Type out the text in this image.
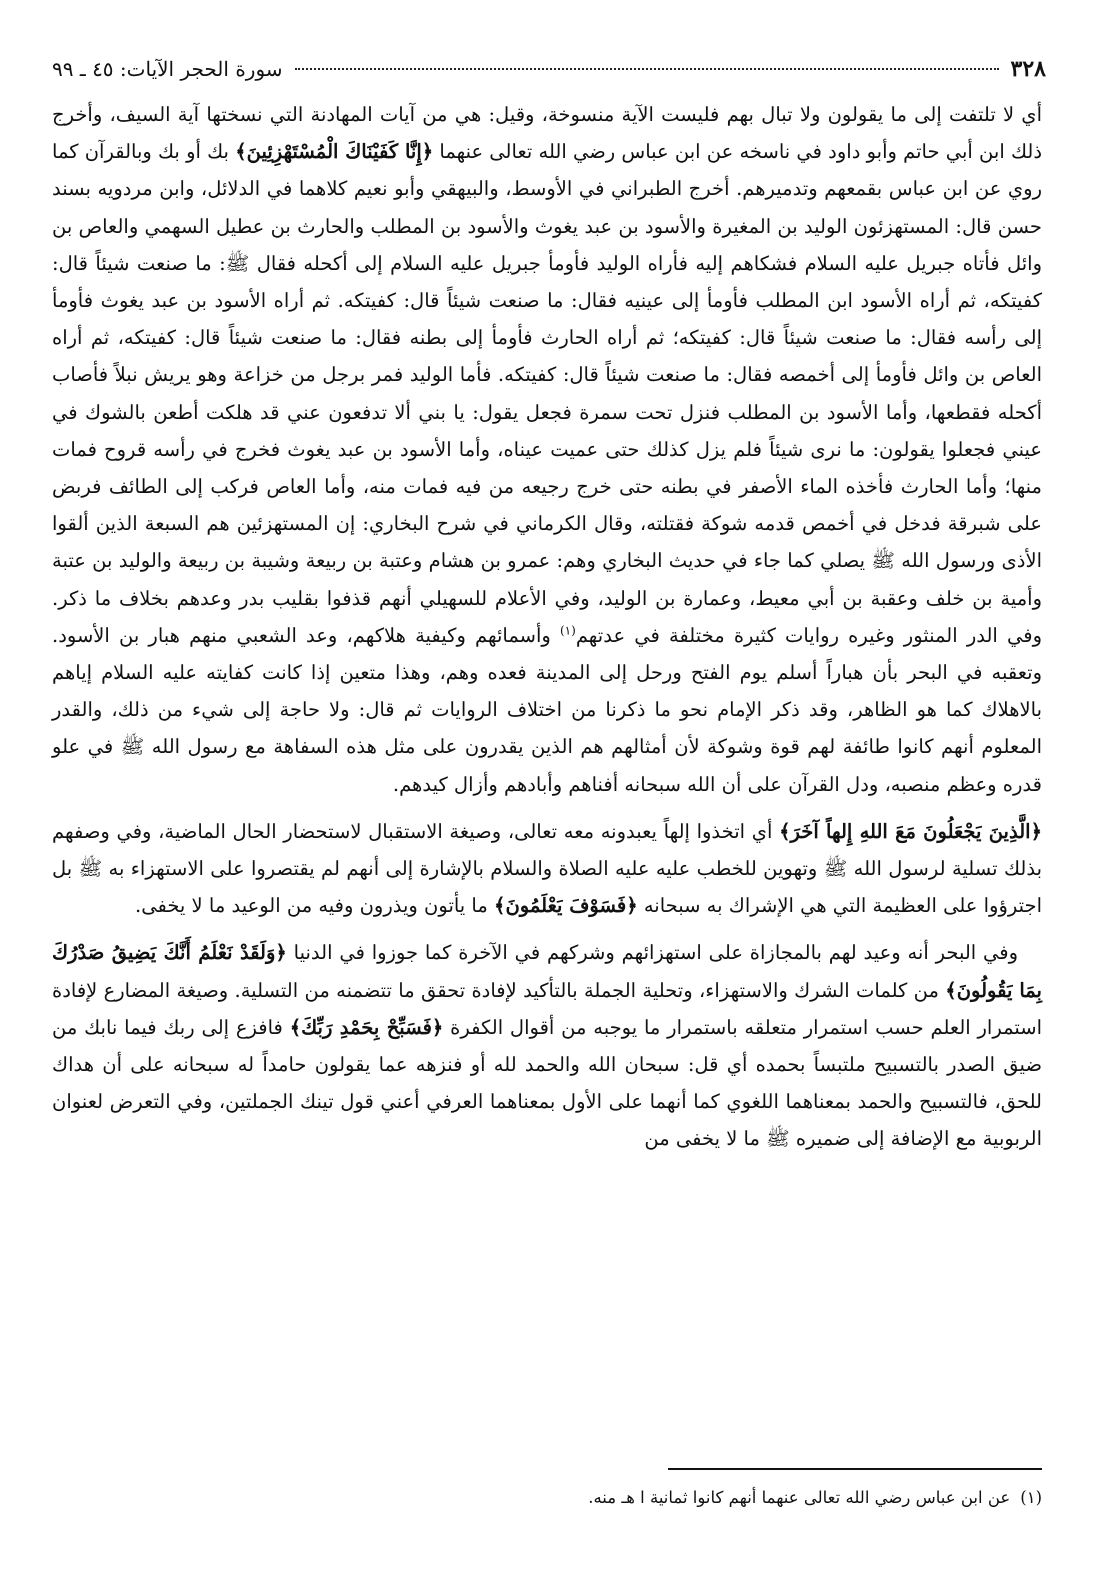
٣٢٨
سورة الحجر الآيات: ٤٥ ـ ٩٩

أي لا تلتفت إلى ما يقولون ولا تبال بهم فليست الآية منسوخة، وقيل: هي من آيات المهادنة التي نسختها آية السيف، وأخرج ذلك ابن أبي حاتم وأبو داود في ناسخه عن ابن عباس رضي الله تعالى عنهما ﴿إِنَّا كَفَيْنَاكَ الْمُسْتَهْزِئِينَ﴾ بك أو بك وبالقرآن كما روي عن ابن عباس بقمعهم وتدميرهم. أخرج الطبراني في الأوسط، والبيهقي وأبو نعيم كلاهما في الدلائل، وابن مردويه بسند حسن قال: المستهزئون الوليد بن المغيرة والأسود بن عبد يغوث والأسود بن المطلب والحارث بن عطيل السهمي والعاص بن وائل فأتاه جبريل عليه السلام فشكاهم إليه فأراه الوليد فأومأ جبريل عليه السلام إلى أكحله فقال ﷺ: ما صنعت شيئاً قال: كفيتكه، ثم أراه الأسود ابن المطلب فأومأ إلى عينيه فقال: ما صنعت شيئاً قال: كفيتكه. ثم أراه الأسود بن عبد يغوث فأومأ إلى رأسه فقال: ما صنعت شيئاً قال: كفيتكه؛ ثم أراه الحارث فأومأ إلى بطنه فقال: ما صنعت شيئاً قال: كفيتكه، ثم أراه العاص بن وائل فأومأ إلى أخمصه فقال: ما صنعت شيئاً قال: كفيتكه. فأما الوليد فمر برجل من خزاعة وهو يريش نبلاً فأصاب أكحله فقطعها، وأما الأسود بن المطلب فنزل تحت سمرة فجعل يقول: يا بني ألا تدفعون عني قد هلكت أطعن بالشوك في عيني فجعلوا يقولون: ما نرى شيئاً فلم يزل كذلك حتى عميت عيناه، وأما الأسود بن عبد يغوث فخرج في رأسه قروح فمات منها؛ وأما الحارث فأخذه الماء الأصفر في بطنه حتى خرج رجيعه من فيه فمات منه، وأما العاص فركب إلى الطائف فربض على شبرقة فدخل في أخمص قدمه شوكة فقتلته، وقال الكرماني في شرح البخاري: إن المستهزئين هم السبعة الذين ألقوا الأذى ورسول الله ﷺ يصلي كما جاء في حديث البخاري وهم: عمرو بن هشام وعتبة بن ربيعة وشيبة بن ربيعة والوليد بن عتبة وأمية بن خلف وعقبة بن أبي معيط، وعمارة بن الوليد، وفي الأعلام للسهيلي أنهم قذفوا بقليب بدر وعدهم بخلاف ما ذكر. وفي الدر المنثور وغيره روايات كثيرة مختلفة في عدتهم$^{(١)}$ وأسمائهم وكيفية هلاكهم، وعد الشعبي منهم هبار بن الأسود. وتعقبه في البحر بأن هباراً أسلم يوم الفتح ورحل إلى المدينة فعده وهم، وهذا متعين إذا كانت كفايته عليه السلام إياهم بالاهلاك كما هو الظاهر، وقد ذكر الإمام نحو ما ذكرنا من اختلاف الروايات ثم قال: ولا حاجة إلى شيء من ذلك، والقدر المعلوم أنهم كانوا طائفة لهم قوة وشوكة لأن أمثالهم هم الذين يقدرون على مثل هذه السفاهة مع رسول الله ﷺ في علو قدره وعظم منصبه، ودل القرآن على أن الله سبحانه أفناهم وأبادهم وأزال كيدهم.

﴿الَّذِينَ يَجْعَلُونَ مَعَ اللهِ إِلهاً آخَرَ﴾ أي اتخذوا إلهاً يعبدونه معه تعالى، وصيغة الاستقبال لاستحضار الحال الماضية، وفي وصفهم بذلك تسلية لرسول الله ﷺ وتهوين للخطب عليه عليه الصلاة والسلام بالإشارة إلى أنهم لم يقتصروا على الاستهزاء به ﷺ بل اجترؤوا على العظيمة التي هي الإشراك به سبحانه ﴿فَسَوْفَ يَعْلَمُونَ﴾ ما يأتون ويذرون وفيه من الوعيد ما لا يخفى.

وفي البحر أنه وعيد لهم بالمجازاة على استهزائهم وشركهم في الآخرة كما جوزوا في الدنيا ﴿وَلَقَدْ نَعْلَمُ أَنَّكَ يَضِيقُ صَدْرُكَ بِمَا يَقُولُونَ﴾ من كلمات الشرك والاستهزاء، وتحلية الجملة بالتأكيد لإفادة تحقق ما تتضمنه من التسلية. وصيغة المضارع لإفادة استمرار العلم حسب استمرار متعلقه باستمرار ما يوجبه من أقوال الكفرة ﴿فَسَبِّحْ بِحَمْدِ رَبِّكَ﴾ فافزع إلى ربك فيما نابك من ضيق الصدر بالتسبيح ملتبساً بحمده أي قل: سبحان الله والحمد لله أو فنزهه عما يقولون حامداً له سبحانه على أن هداك للحق، فالتسبيح والحمد بمعناهما اللغوي كما أنهما على الأول بمعناهما العرفي أعني قول تينك الجملتين، وفي التعرض لعنوان الربوبية مع الإضافة إلى ضميره ﷺ ما لا يخفى من

(١)عن ابن عباس رضي الله تعالى عنهما أنهم كانوا ثمانية ا هـ منه.
